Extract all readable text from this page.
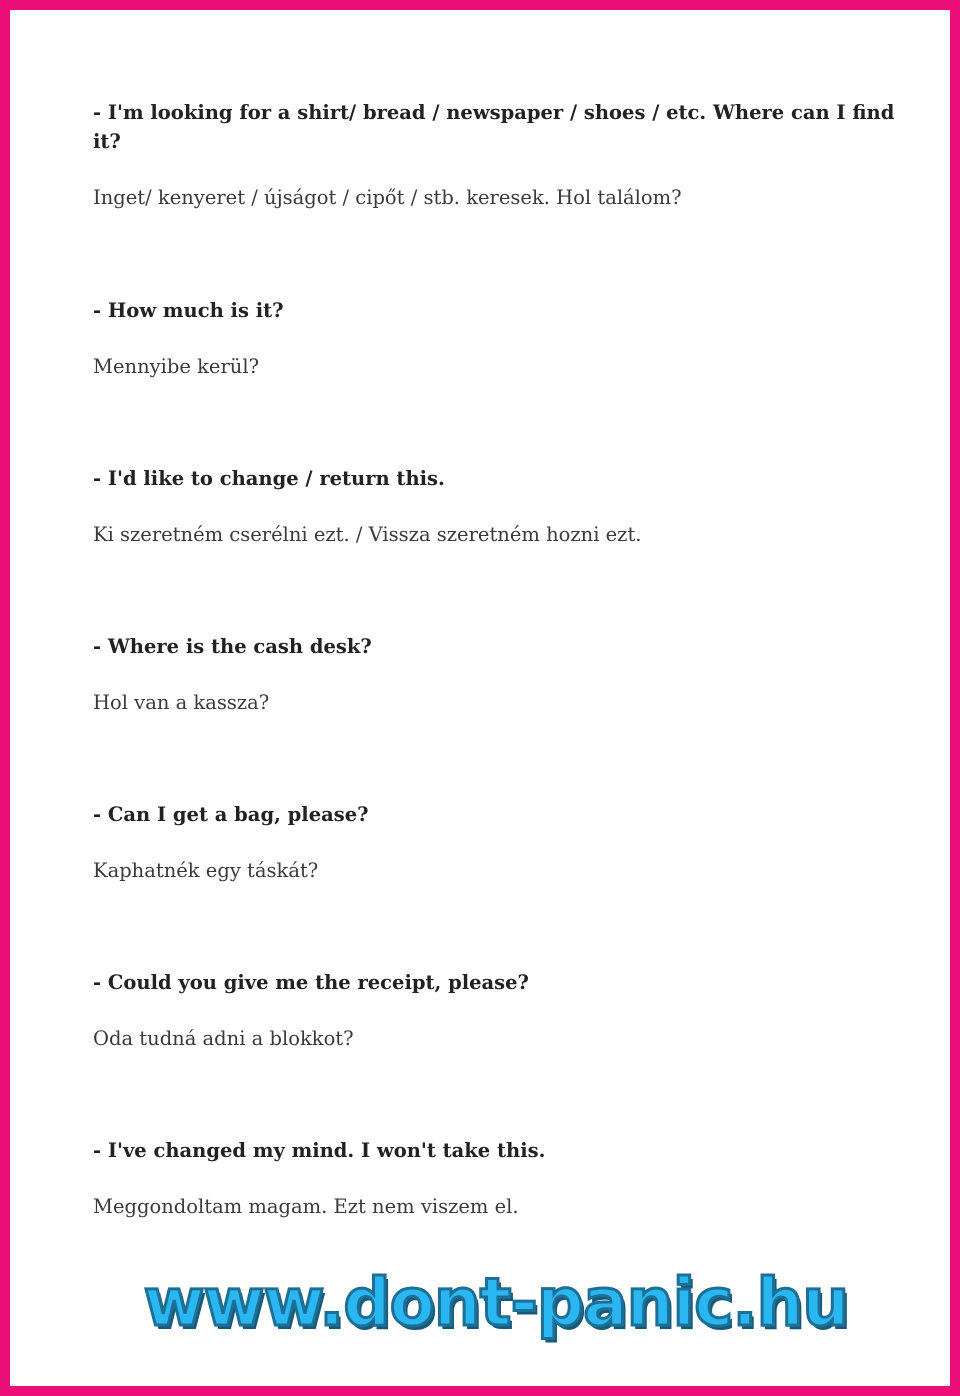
- I'm looking for a shirt/ bread / newspaper / shoes / etc. Where can I find it?

Inget/ kenyeret / újságot / cipőt / stb. keresek. Hol találom?

- How much is it?

Mennyibe kerül?

- I'd like to change / return this.

Ki szeretném cserélni ezt. / Vissza szeretném hozni ezt.

- Where is the cash desk?

Hol van a kassza?

- Can I get a bag, please?

Kaphatnék egy táskát?

- Could you give me the receipt, please?

Oda tudná adni a blokkot?

- I've changed my mind. I won't take this.

Meggondoltam magam. Ezt nem viszem el.

www.dont-panic.hu
